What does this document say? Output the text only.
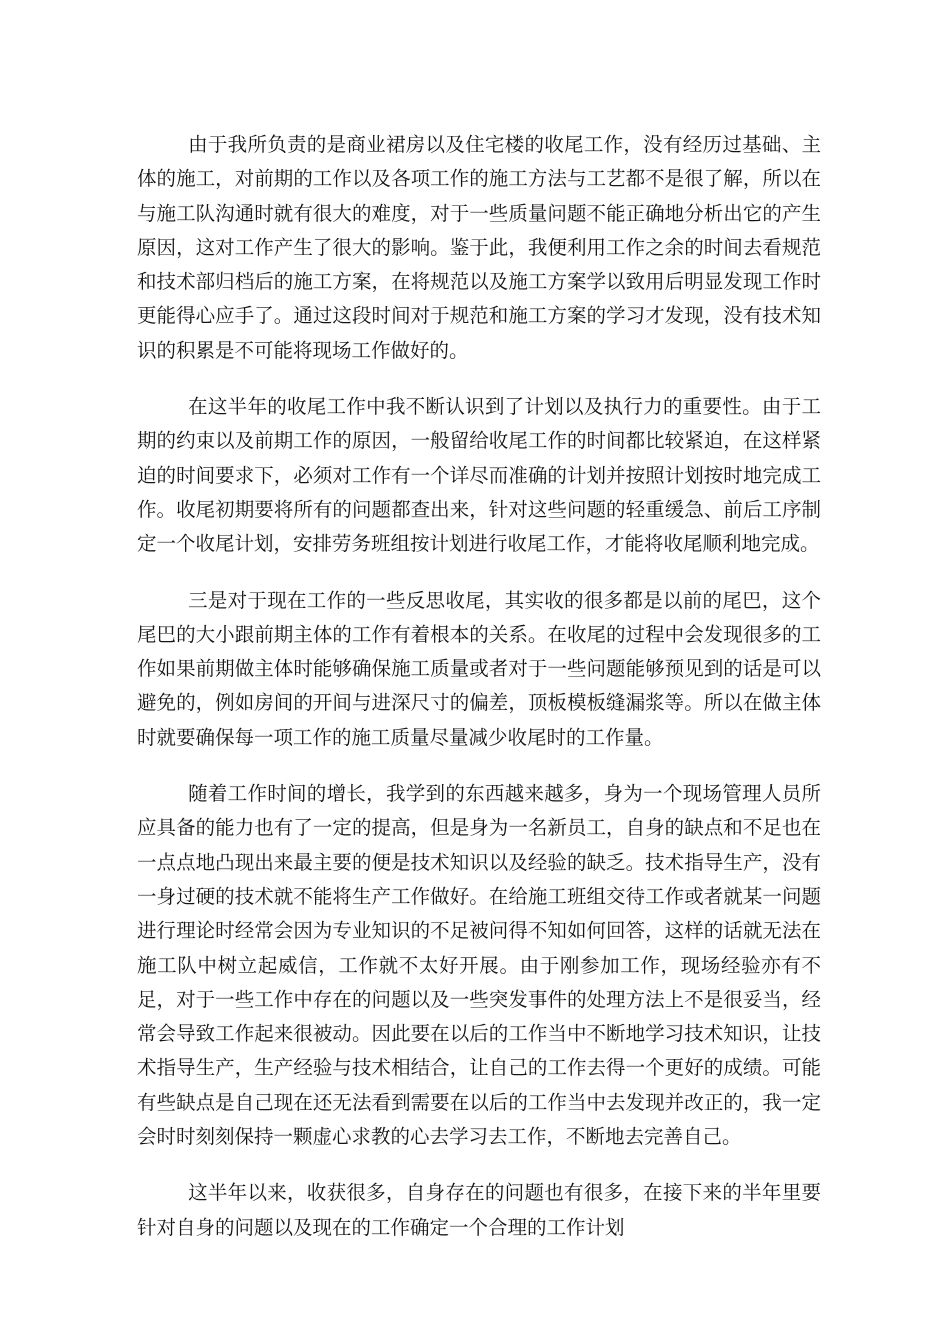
由于我所负责的是商业裙房以及住宅楼的收尾工作，没有经历过基础、主体的施工，对前期的工作以及各项工作的施工方法与工艺都不是很了解，所以在与施工队沟通时就有很大的难度，对于一些质量问题不能正确地分析出它的产生原因，这对工作产生了很大的影响。鉴于此，我便利用工作之余的时间去看规范和技术部归档后的施工方案，在将规范以及施工方案学以致用后明显发现工作时更能得心应手了。通过这段时间对于规范和施工方案的学习才发现，没有技术知识的积累是不可能将现场工作做好的。

在这半年的收尾工作中我不断认识到了计划以及执行力的重要性。由于工期的约束以及前期工作的原因，一般留给收尾工作的时间都比较紧迫，在这样紧迫的时间要求下，必须对工作有一个详尽而准确的计划并按照计划按时地完成工作。收尾初期要将所有的问题都查出来，针对这些问题的轻重缓急、前后工序制定一个收尾计划，安排劳务班组按计划进行收尾工作，才能将收尾顺利地完成。

三是对于现在工作的一些反思收尾，其实收的很多都是以前的尾巴，这个尾巴的大小跟前期主体的工作有着根本的关系。在收尾的过程中会发现很多的工作如果前期做主体时能够确保施工质量或者对于一些问题能够预见到的话是可以避免的，例如房间的开间与进深尺寸的偏差，顶板模板缝漏浆等。所以在做主体时就要确保每一项工作的施工质量尽量减少收尾时的工作量。

随着工作时间的增长，我学到的东西越来越多，身为一个现场管理人员所应具备的能力也有了一定的提高，但是身为一名新员工，自身的缺点和不足也在一点点地凸现出来最主要的便是技术知识以及经验的缺乏。技术指导生产，没有一身过硬的技术就不能将生产工作做好。在给施工班组交待工作或者就某一问题进行理论时经常会因为专业知识的不足被问得不知如何回答，这样的话就无法在施工队中树立起威信，工作就不太好开展。由于刚参加工作，现场经验亦有不足，对于一些工作中存在的问题以及一些突发事件的处理方法上不是很妥当，经常会导致工作起来很被动。因此要在以后的工作当中不断地学习技术知识，让技术指导生产，生产经验与技术相结合，让自己的工作去得一个更好的成绩。可能有些缺点是自己现在还无法看到需要在以后的工作当中去发现并改正的，我一定会时时刻刻保持一颗虚心求教的心去学习去工作，不断地去完善自己。

这半年以来，收获很多，自身存在的问题也有很多，在接下来的半年里要针对自身的问题以及现在的工作确定一个合理的工作计划
